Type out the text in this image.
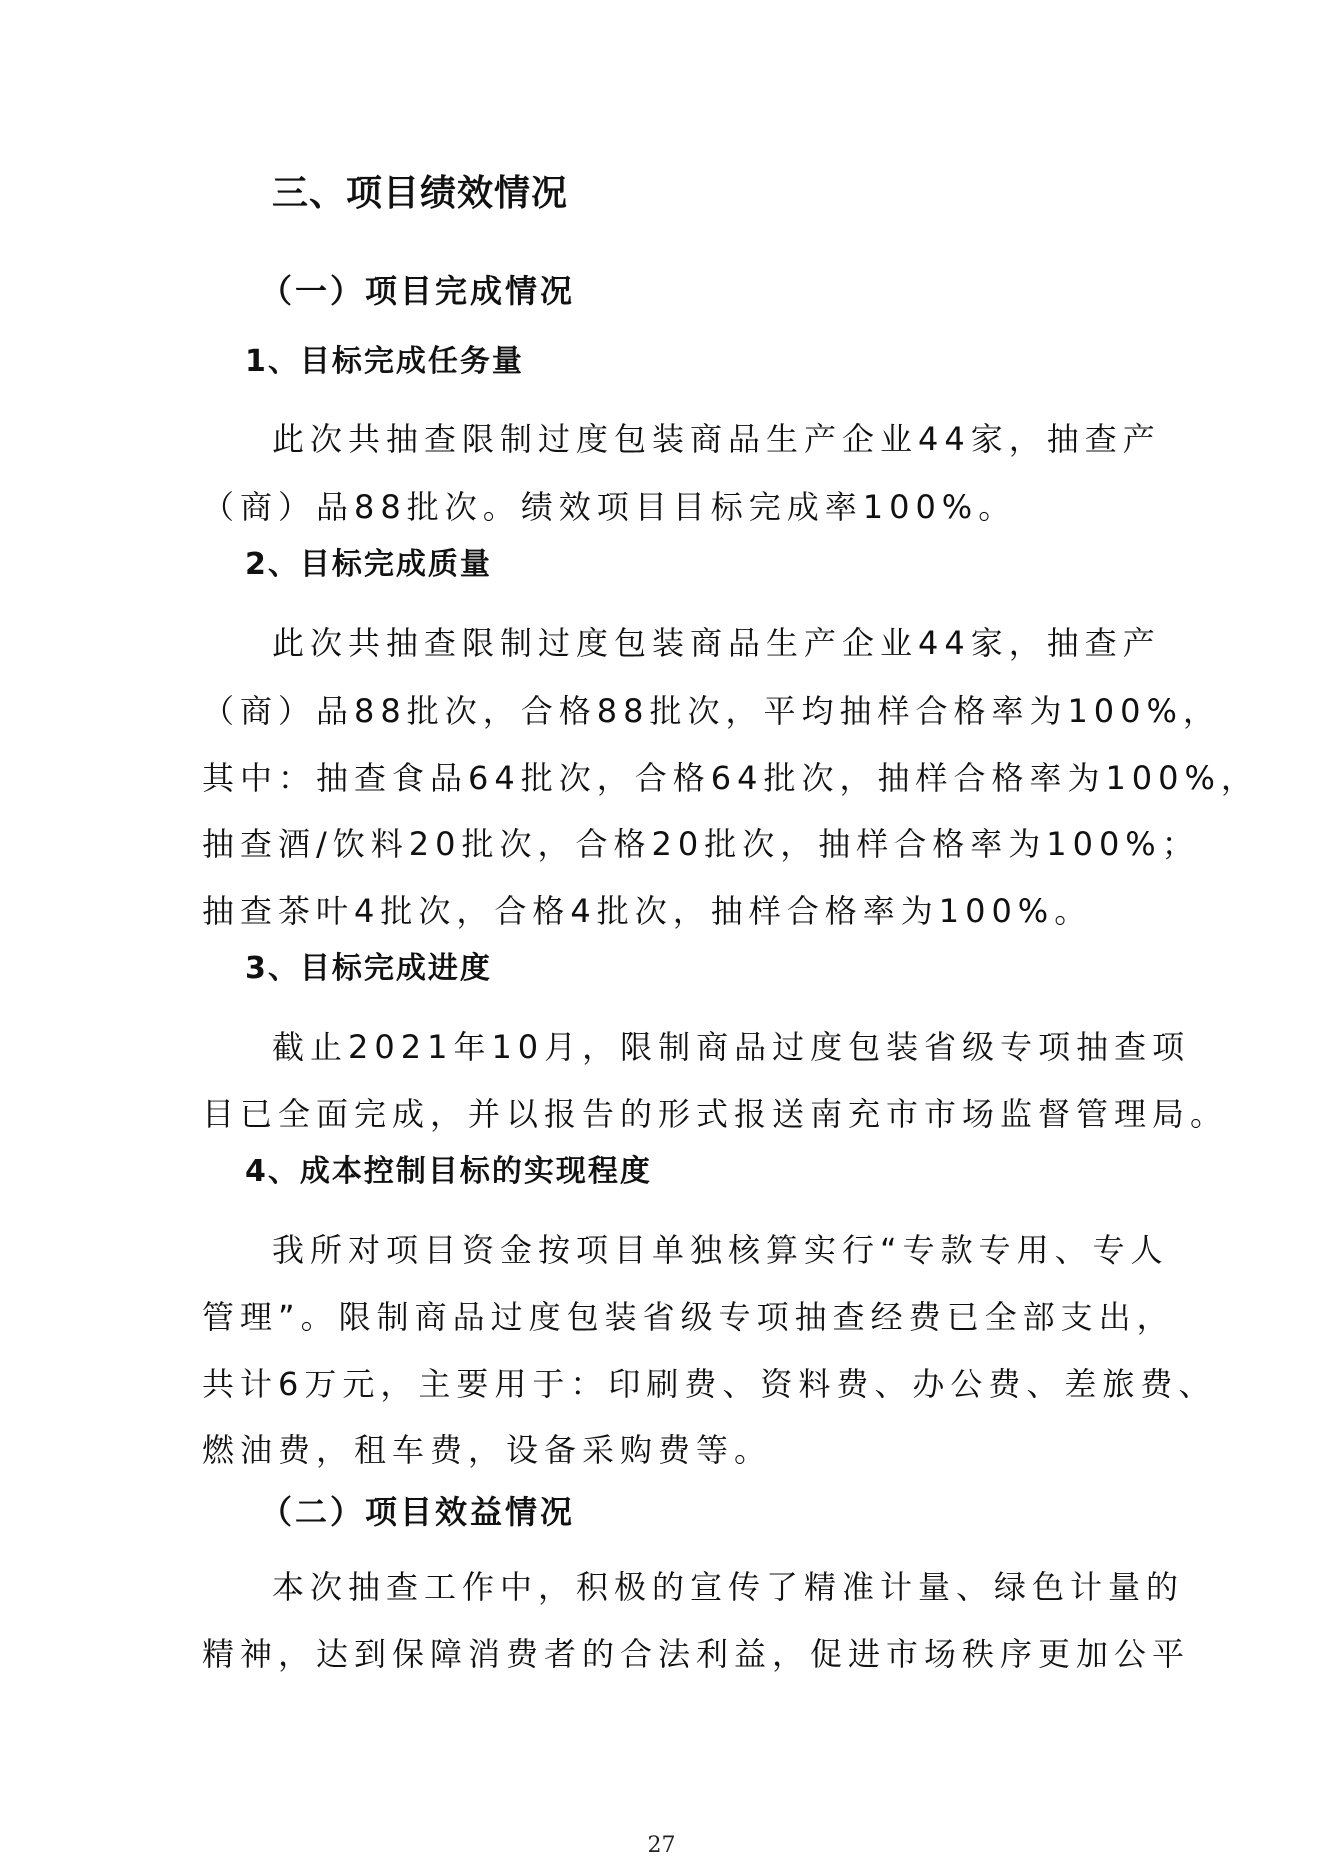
三、项目绩效情况
（一）项目完成情况
1、目标完成任务量
此次共抽查限制过度包装商品生产企业44家，抽查产
（商）品88批次。绩效项目目标完成率100%。
2、目标完成质量
此次共抽查限制过度包装商品生产企业44家，抽查产
（商）品88批次，合格88批次，平均抽样合格率为100%，
其中：抽查食品64批次，合格64批次，抽样合格率为100%，
抽查酒/饮料20批次，合格20批次，抽样合格率为100%；
抽查茶叶4批次，合格4批次，抽样合格率为100%。
3、目标完成进度
截止2021年10月，限制商品过度包装省级专项抽查项
目已全面完成，并以报告的形式报送南充市市场监督管理局。
4、成本控制目标的实现程度
我所对项目资金按项目单独核算实行“专款专用、专人
管理”。限制商品过度包装省级专项抽查经费已全部支出，
共计6万元，主要用于：印刷费、资料费、办公费、差旅费、
燃油费，租车费，设备采购费等。
（二）项目效益情况
本次抽查工作中，积极的宣传了精准计量、绿色计量的
精神，达到保障消费者的合法利益，促进市场秩序更加公平
27
